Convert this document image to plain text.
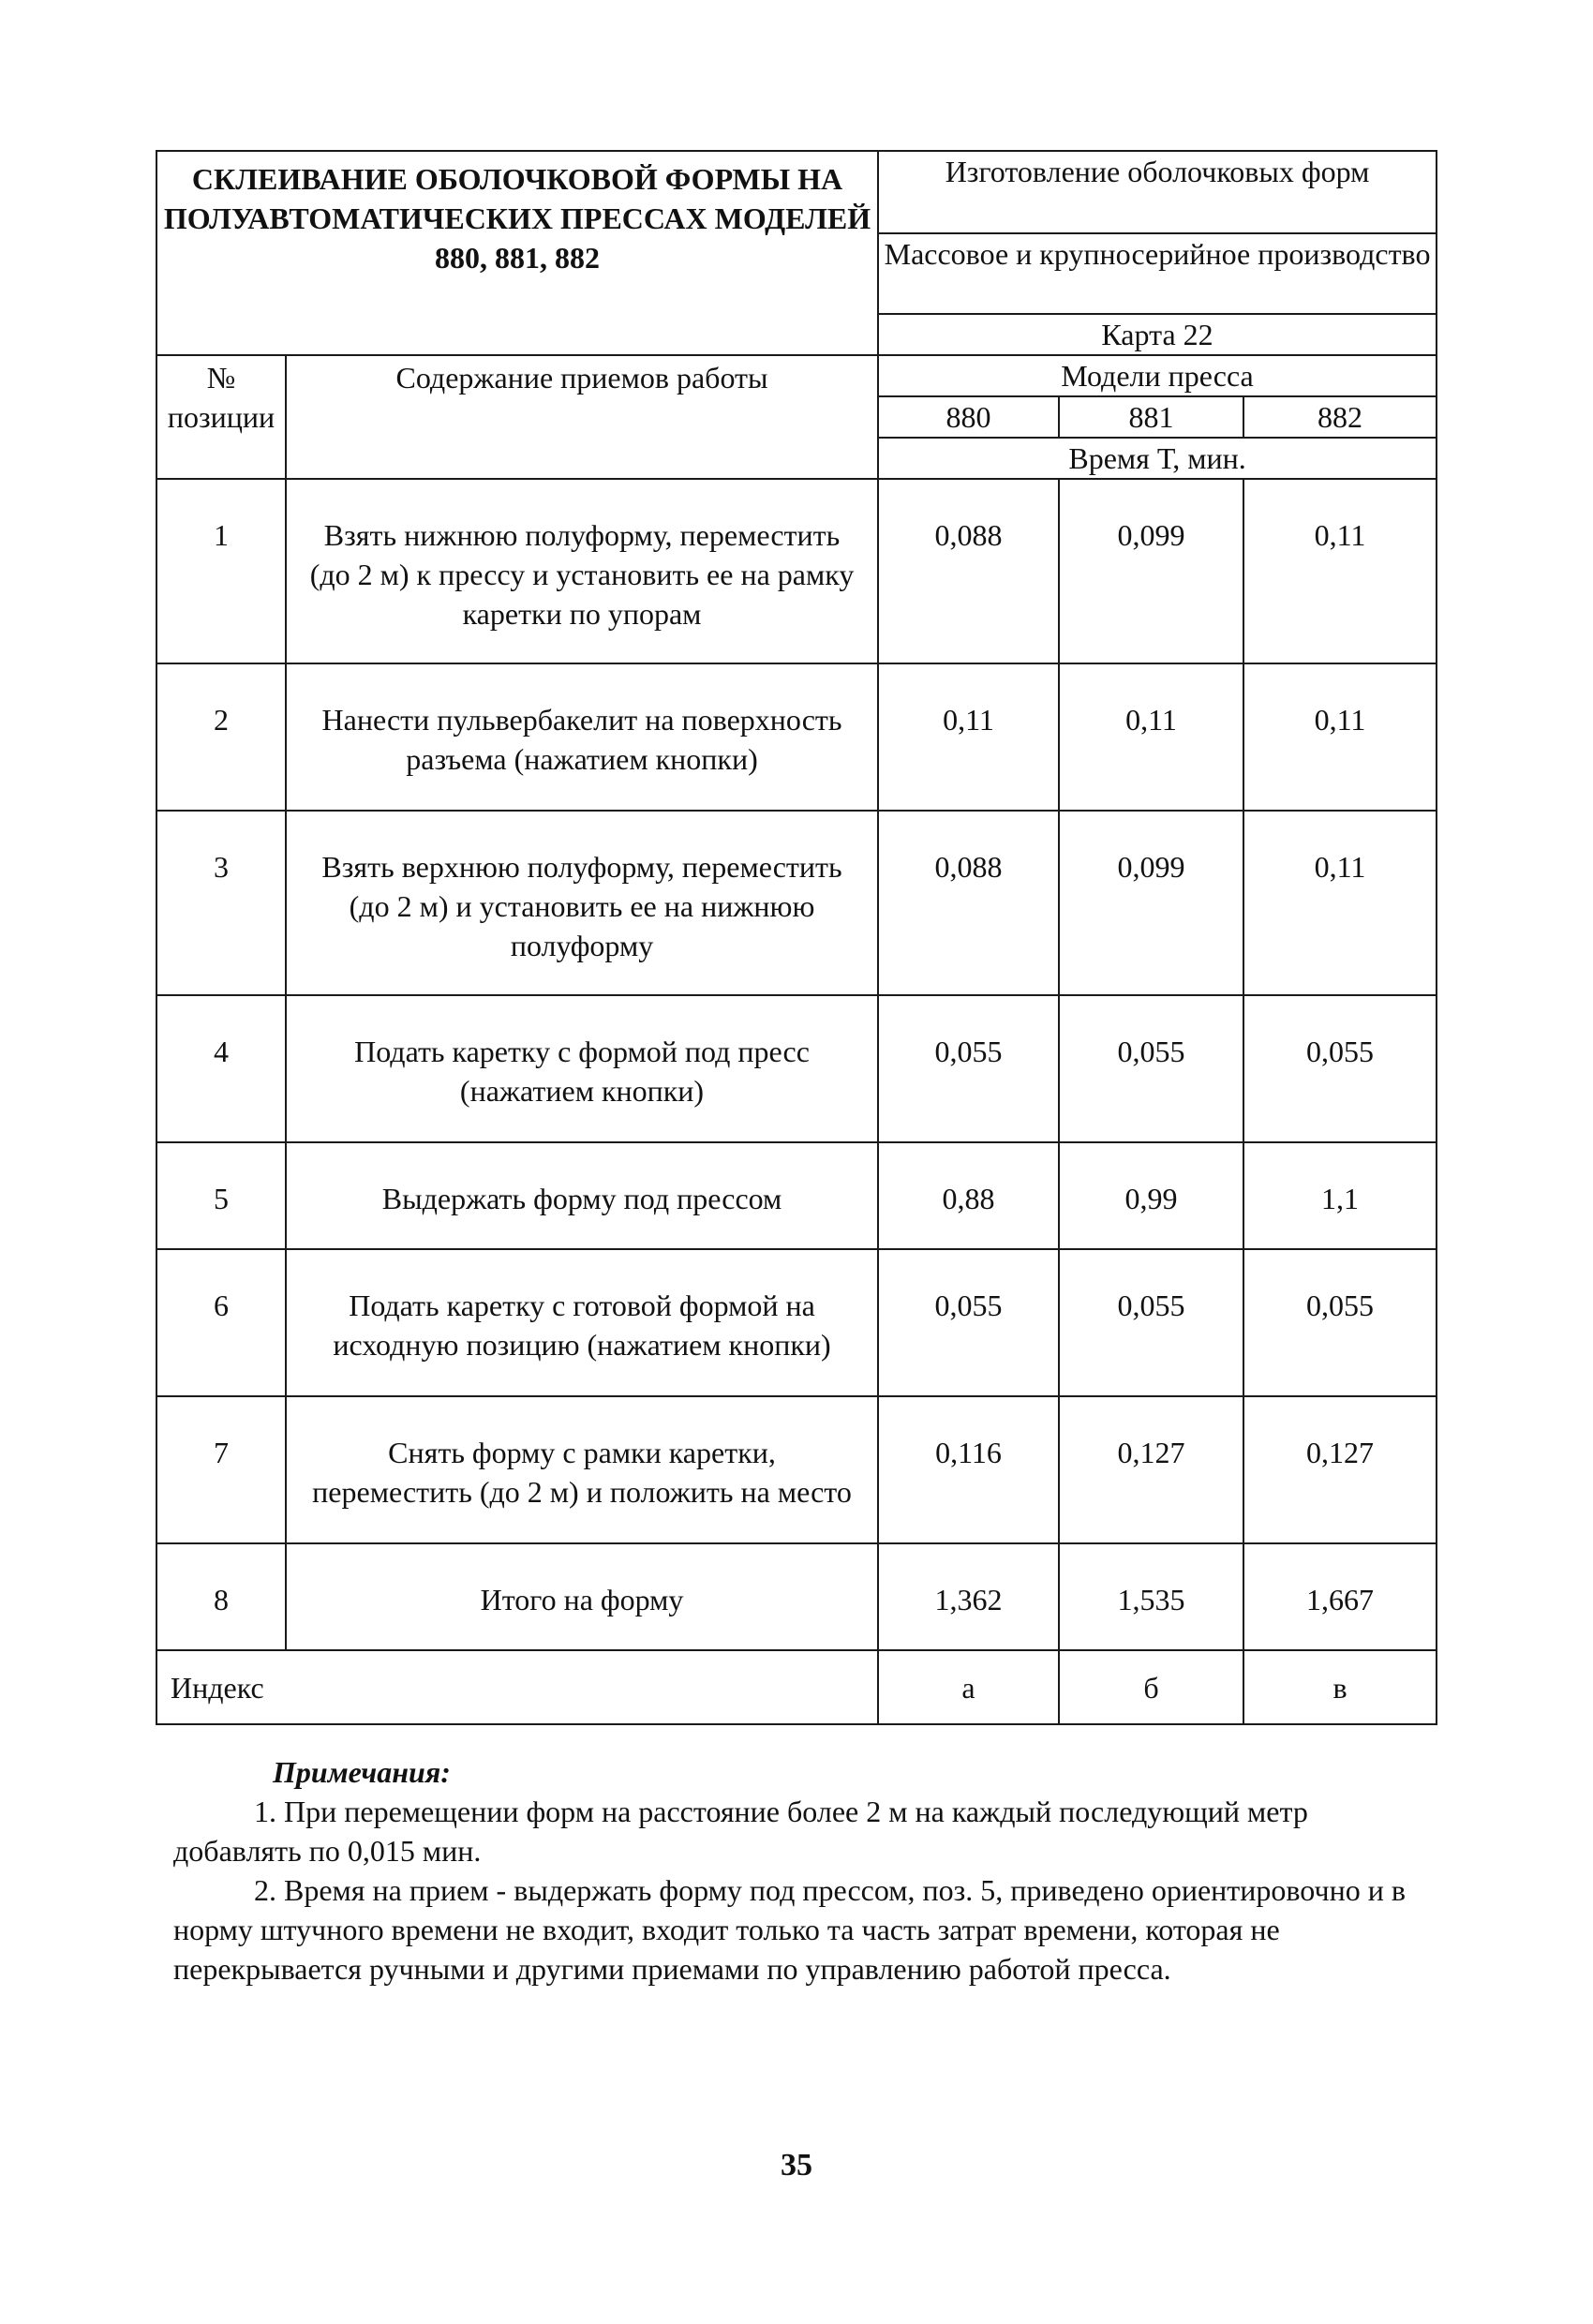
СКЛЕИВАНИЕ ОБОЛОЧКОВОЙ ФОРМЫ НА ПОЛУАВТОМАТИЧЕСКИХ ПРЕССАХ МОДЕЛЕЙ 880, 881, 882		Изготовление оболочковых форм		
		Массовое и крупносерийное производство		
		Карта 22		

№ позиции	Содержание приемов работы	Модели пресса		
		880	881	882
		Время Т, мин.		
1	Взять нижнюю полуформу, переместить (до 2 м) к прессу и установить ее на рамку каретки по упорам	0,088	0,099	0,11
2	Нанести пульвербакелит на поверхность разъема (нажатием кнопки)	0,11	0,11	0,11
3	Взять верхнюю полуформу, переместить (до 2 м) и установить ее на нижнюю полуформу	0,088	0,099	0,11
4	Подать каретку с формой под пресс (нажатием кнопки)	0,055	0,055	0,055
5	Выдержать форму под прессом	0,88	0,99	1,1
6	Подать каретку с готовой формой на исходную позицию (нажатием кнопки)	0,055	0,055	0,055
7	Снять форму с рамки каретки, переместить (до 2 м) и положить на место	0,116	0,127	0,127
8	Итого на форму	1,362	1,535	1,667
Индекс		а	б	в
Примечания:

1. При перемещении форм на расстояние более 2 м на каждый последующий метр добавлять по 0,015 мин.

2. Время на прием - выдержать форму под прессом, поз. 5, приведено ориентировочно и в норму штучного времени не входит, входит только та часть затрат времени, которая не перекрывается ручными и другими приемами по управлению работой пресса.

35
